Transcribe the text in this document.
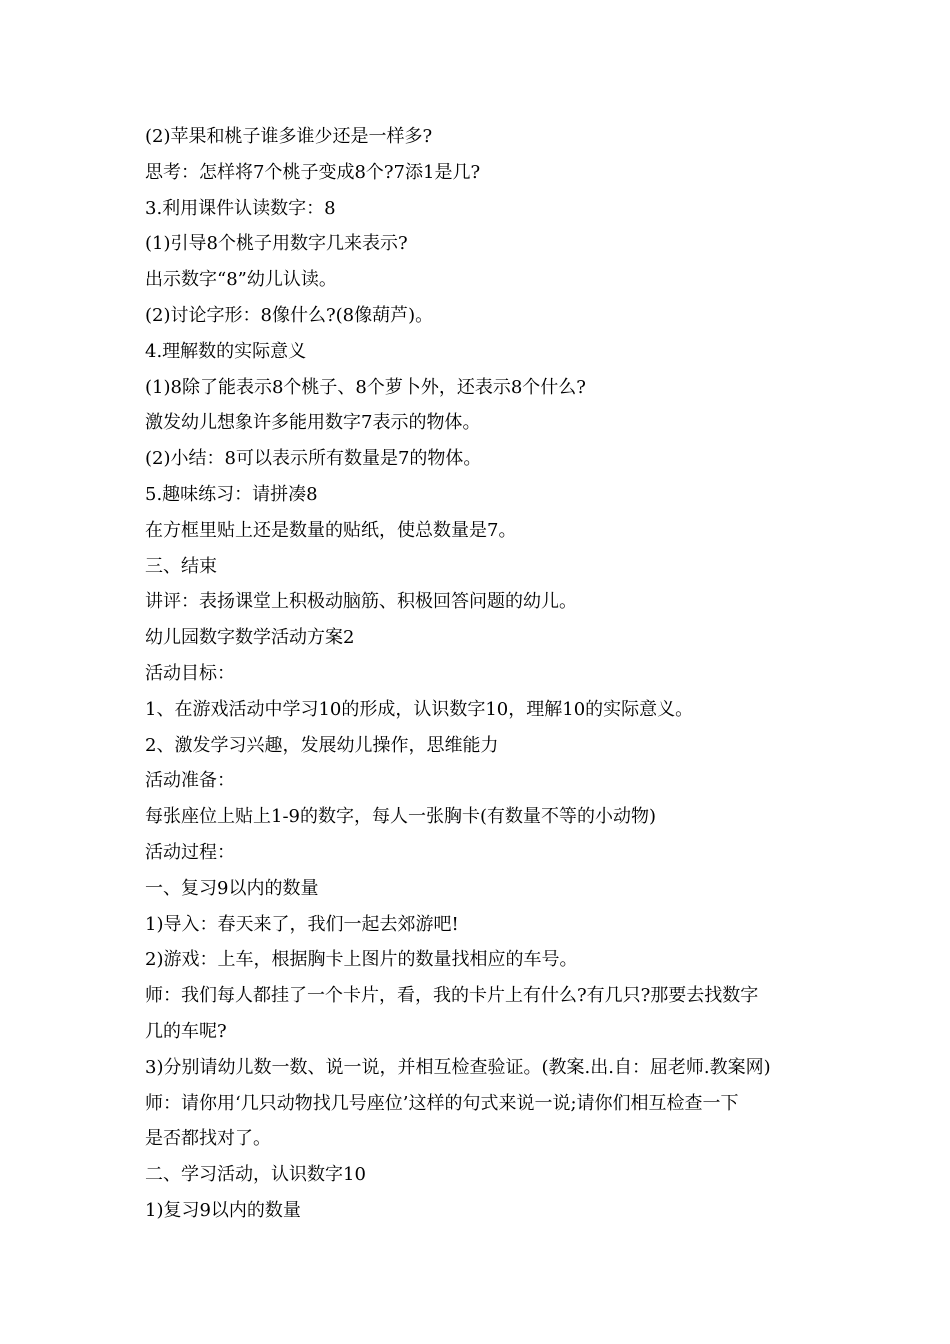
(2)苹果和桃子谁多谁少还是一样多?

思考：怎样将7个桃子变成8个?7添1是几?

3.利用课件认读数字：8

(1)引导8个桃子用数字几来表示?

出示数字“8”幼儿认读。

(2)讨论字形：8像什么?(8像葫芦)。

4.理解数的实际意义

(1)8除了能表示8个桃子、8个萝卜外，还表示8个什么?

激发幼儿想象许多能用数字7表示的物体。

(2)小结：8可以表示所有数量是7的物体。

5.趣味练习：请拼凑8

在方框里贴上还是数量的贴纸，使总数量是7。

三、结束

讲评：表扬课堂上积极动脑筋、积极回答问题的幼儿。

幼儿园数字数学活动方案2

活动目标：

1、在游戏活动中学习10的形成，认识数字10，理解10的实际意义。

2、激发学习兴趣，发展幼儿操作，思维能力

活动准备：

每张座位上贴上1-9的数字，每人一张胸卡(有数量不等的小动物)

活动过程：

一、复习9以内的数量

1)导入：春天来了，我们一起去郊游吧!

2)游戏：上车，根据胸卡上图片的数量找相应的车号。

师：我们每人都挂了一个卡片，看，我的卡片上有什么?有几只?那要去找数字

几的车呢?

3)分别请幼儿数一数、说一说，并相互检查验证。(教案.出.自：屈老师.教案网)

师：请你用‘几只动物找几号座位’这样的句式来说一说;请你们相互检查一下

是否都找对了。

二、学习活动，认识数字10

1)复习9以内的数量
